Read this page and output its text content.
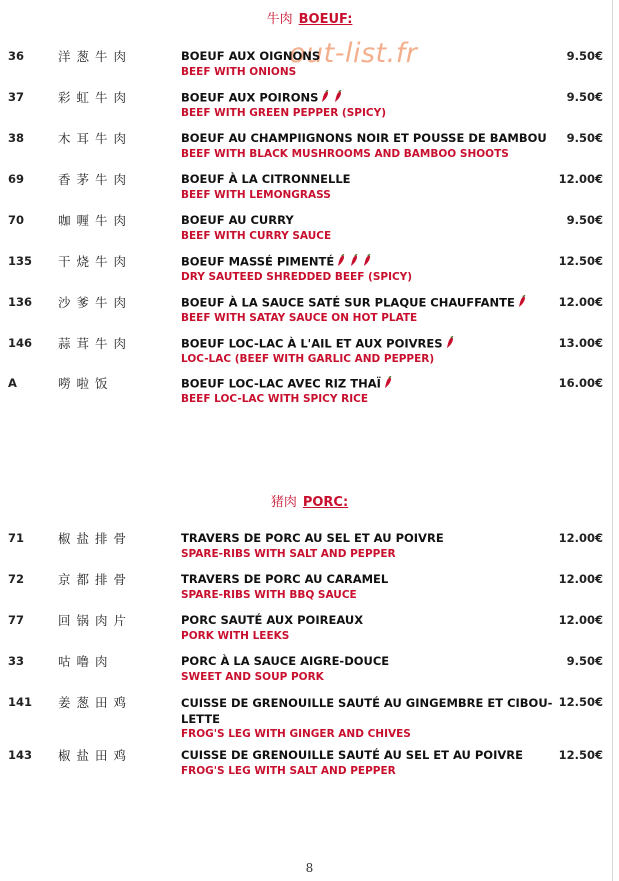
牛肉 BOEUF:
out-list.fr
36	洋葱牛肉	BOEUF AUX OIGNONS
BEEF WITH ONIONS
9.50€
37	彩虹牛肉	BOEUF AUX POIRONS
BEEF WITH GREEN PEPPER (SPICY)
9.50€
38	木耳牛肉	BOEUF AU CHAMPIIGNONS NOIR ET POUSSE DE BAMBOU
BEEF WITH BLACK MUSHROOMS AND BAMBOO SHOOTS
9.50€
69	香茅牛肉	BOEUF À LA CITRONNELLE
BEEF WITH LEMONGRASS
12.00€
70	咖喱牛肉	BOEUF AU CURRY
BEEF WITH CURRY SAUCE
9.50€
135 干烧牛肉	BOEUF MASSÉ PIMENTÉ
DRY SAUTEED SHREDDED BEEF (SPICY)
12.50€
136 沙爹牛肉	BOEUF À LA SAUCE SATÉ SUR PLAQUE CHAUFFANTE
BEEF WITH SATAY SAUCE ON HOT PLATE
12.00€
146 蒜茸牛肉	BOEUF LOC-LAC À L'AIL ET AUX POIVRES
LOC-LAC (BEEF WITH GARLIC AND PEPPER)
13.00€
A	嘮啦饭	BOEUF LOC-LAC AVEC RIZ THAÏ
BEEF LOC-LAC WITH SPICY RICE
16.00€
猪肉 PORC:
71	椒盐排骨	TRAVERS DE PORC AU SEL ET AU POIVRE
SPARE-RIBS WITH SALT AND PEPPER
12.00€
72	京都排骨	TRAVERS DE PORC AU CARAMEL
SPARE-RIBS WITH BBQ SAUCE
12.00€
77	回锅肉片	PORC SAUTÉ AUX POIREAUX
PORK WITH LEEKS
12.00€
33	咕噜肉	PORC À LA SAUCE AIGRE-DOUCE
SWEET AND SOUP PORK
9.50€
141 姜葱田鸡	CUISSE DE GRENOUILLE SAUTÉ AU GINGEMBRE ET CIBOU-LETTE
FROG'S LEG WITH GINGER AND CHIVES
12.50€
143 椒盐田鸡	CUISSE DE GRENOUILLE SAUTÉ AU SEL ET AU POIVRE
FROG'S LEG WITH SALT AND PEPPER
12.50€
8
